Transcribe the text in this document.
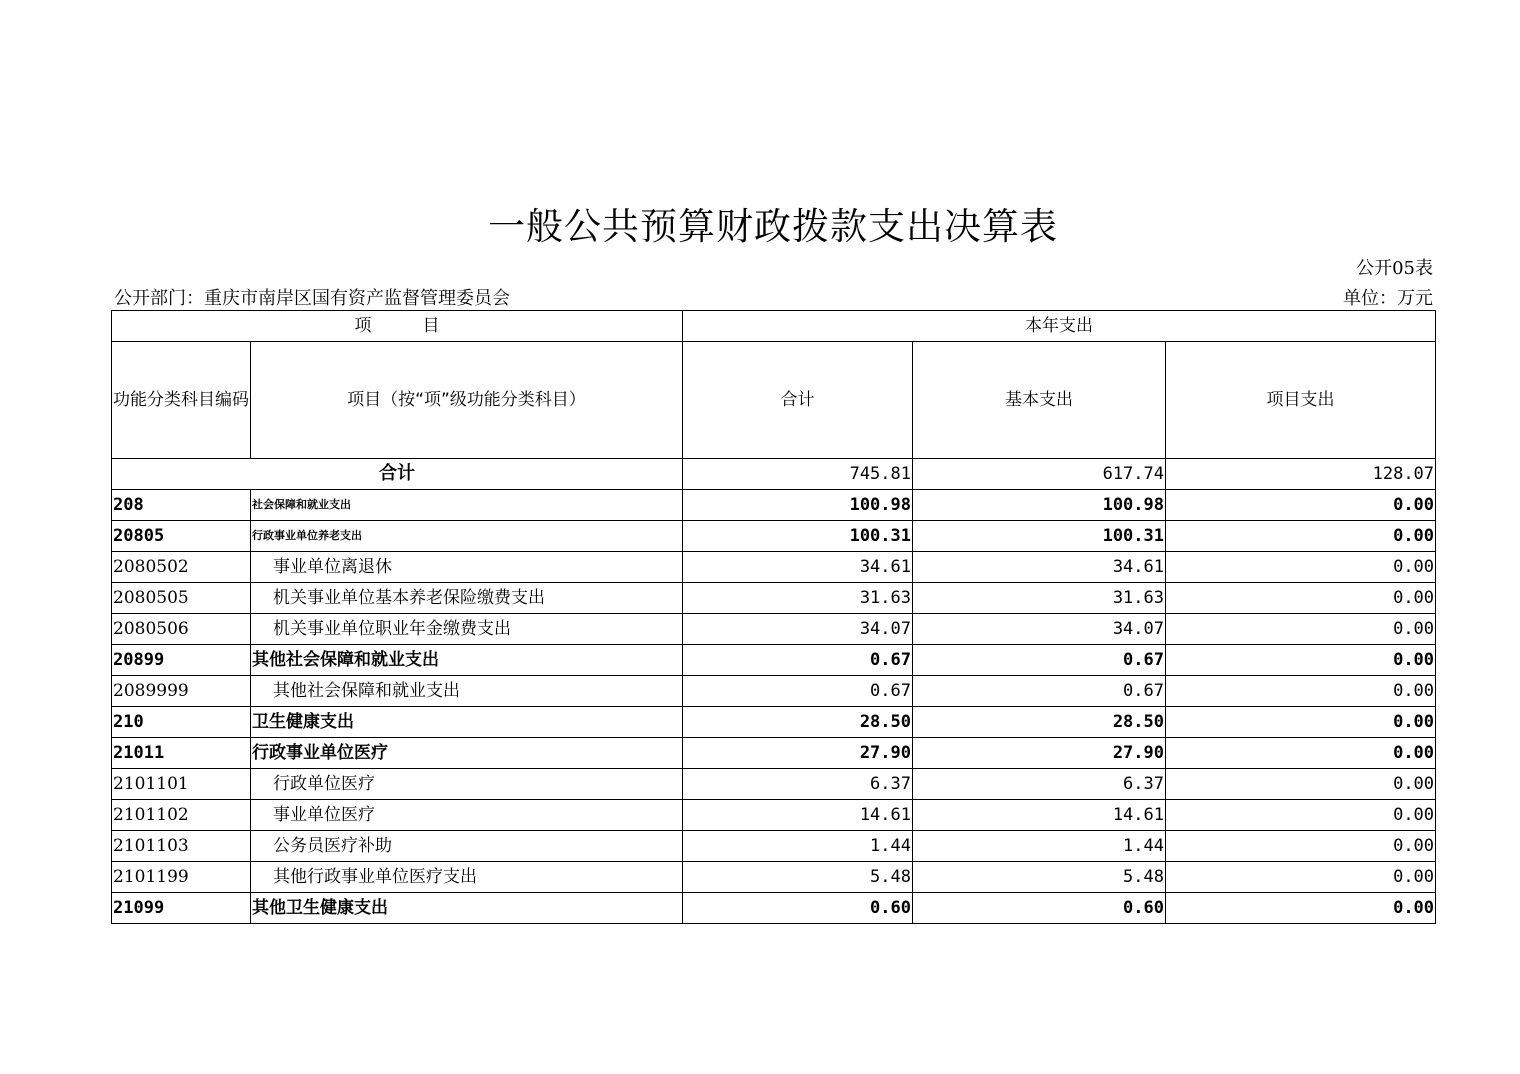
一般公共预算财政拨款支出决算表
公开05表
公开部门：重庆市南岸区国有资产监督管理委员会	单位：万元
项　　　目		本年支出		
功能分类科目编码	项目（按“项”级功能分类科目）	合计	基本支出	项目支出
合计		745.81	617.74	128.07
208	社会保障和就业支出	100.98	100.98	0.00
20805	行政事业单位养老支出	100.31	100.31	0.00
2080502	事业单位离退休	34.61	34.61	0.00
2080505	机关事业单位基本养老保险缴费支出	31.63	31.63	0.00
2080506	机关事业单位职业年金缴费支出	34.07	34.07	0.00
20899	其他社会保障和就业支出	0.67	0.67	0.00
2089999	其他社会保障和就业支出	0.67	0.67	0.00
210	卫生健康支出	28.50	28.50	0.00
21011	行政事业单位医疗	27.90	27.90	0.00
2101101	行政单位医疗	6.37	6.37	0.00
2101102	事业单位医疗	14.61	14.61	0.00
2101103	公务员医疗补助	1.44	1.44	0.00
2101199	其他行政事业单位医疗支出	5.48	5.48	0.00
21099	其他卫生健康支出	0.60	0.60	0.00
